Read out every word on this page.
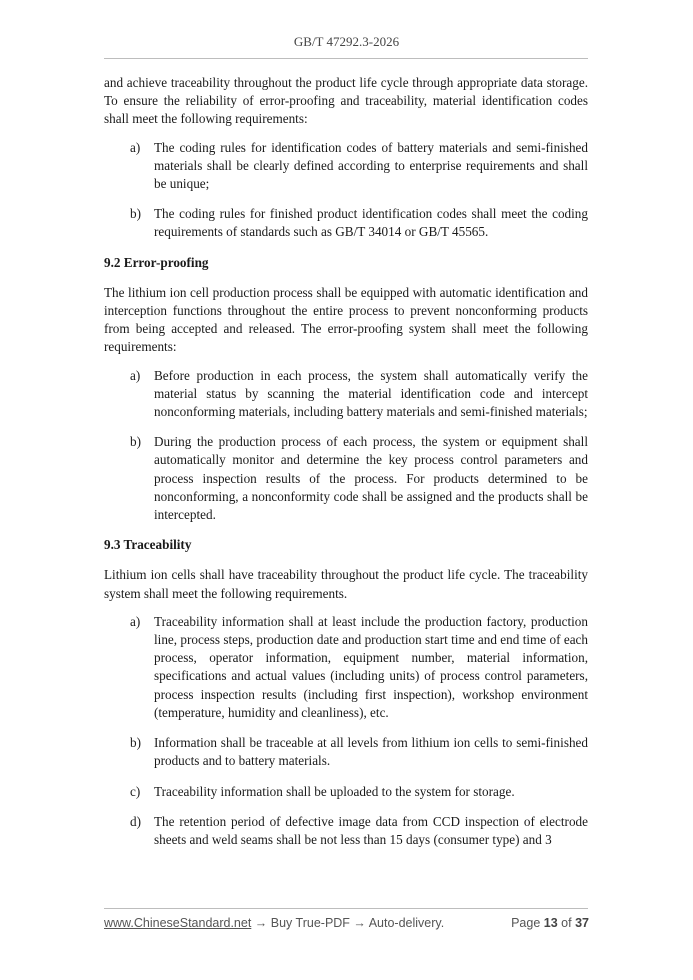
GB/T 47292.3-2026

and achieve traceability throughout the product life cycle through appropriate data storage. To ensure the reliability of error-proofing and traceability, material identification codes shall meet the following requirements:

a) The coding rules for identification codes of battery materials and semi-finished materials shall be clearly defined according to enterprise requirements and shall be unique;
b) The coding rules for finished product identification codes shall meet the coding requirements of standards such as GB/T 34014 or GB/T 45565.
9.2 Error-proofing

The lithium ion cell production process shall be equipped with automatic identification and interception functions throughout the entire process to prevent nonconforming products from being accepted and released. The error-proofing system shall meet the following requirements:

a) Before production in each process, the system shall automatically verify the material status by scanning the material identification code and intercept nonconforming materials, including battery materials and semi-finished materials;
b) During the production process of each process, the system or equipment shall automatically monitor and determine the key process control parameters and process inspection results of the process. For products determined to be nonconforming, a nonconformity code shall be assigned and the products shall be intercepted.
9.3 Traceability

Lithium ion cells shall have traceability throughout the product life cycle. The traceability system shall meet the following requirements.

a) Traceability information shall at least include the production factory, production line, process steps, production date and production start time and end time of each process, operator information, equipment number, material information, specifications and actual values (including units) of process control parameters, process inspection results (including first inspection), workshop environment (temperature, humidity and cleanliness), etc.
b) Information shall be traceable at all levels from lithium ion cells to semi-finished products and to battery materials.
c) Traceability information shall be uploaded to the system for storage.
d) The retention period of defective image data from CCD inspection of electrode sheets and weld seams shall be not less than 15 days (consumer type) and 3
www.ChineseStandard.net → Buy True-PDF → Auto-delivery.	Page 13 of 37
